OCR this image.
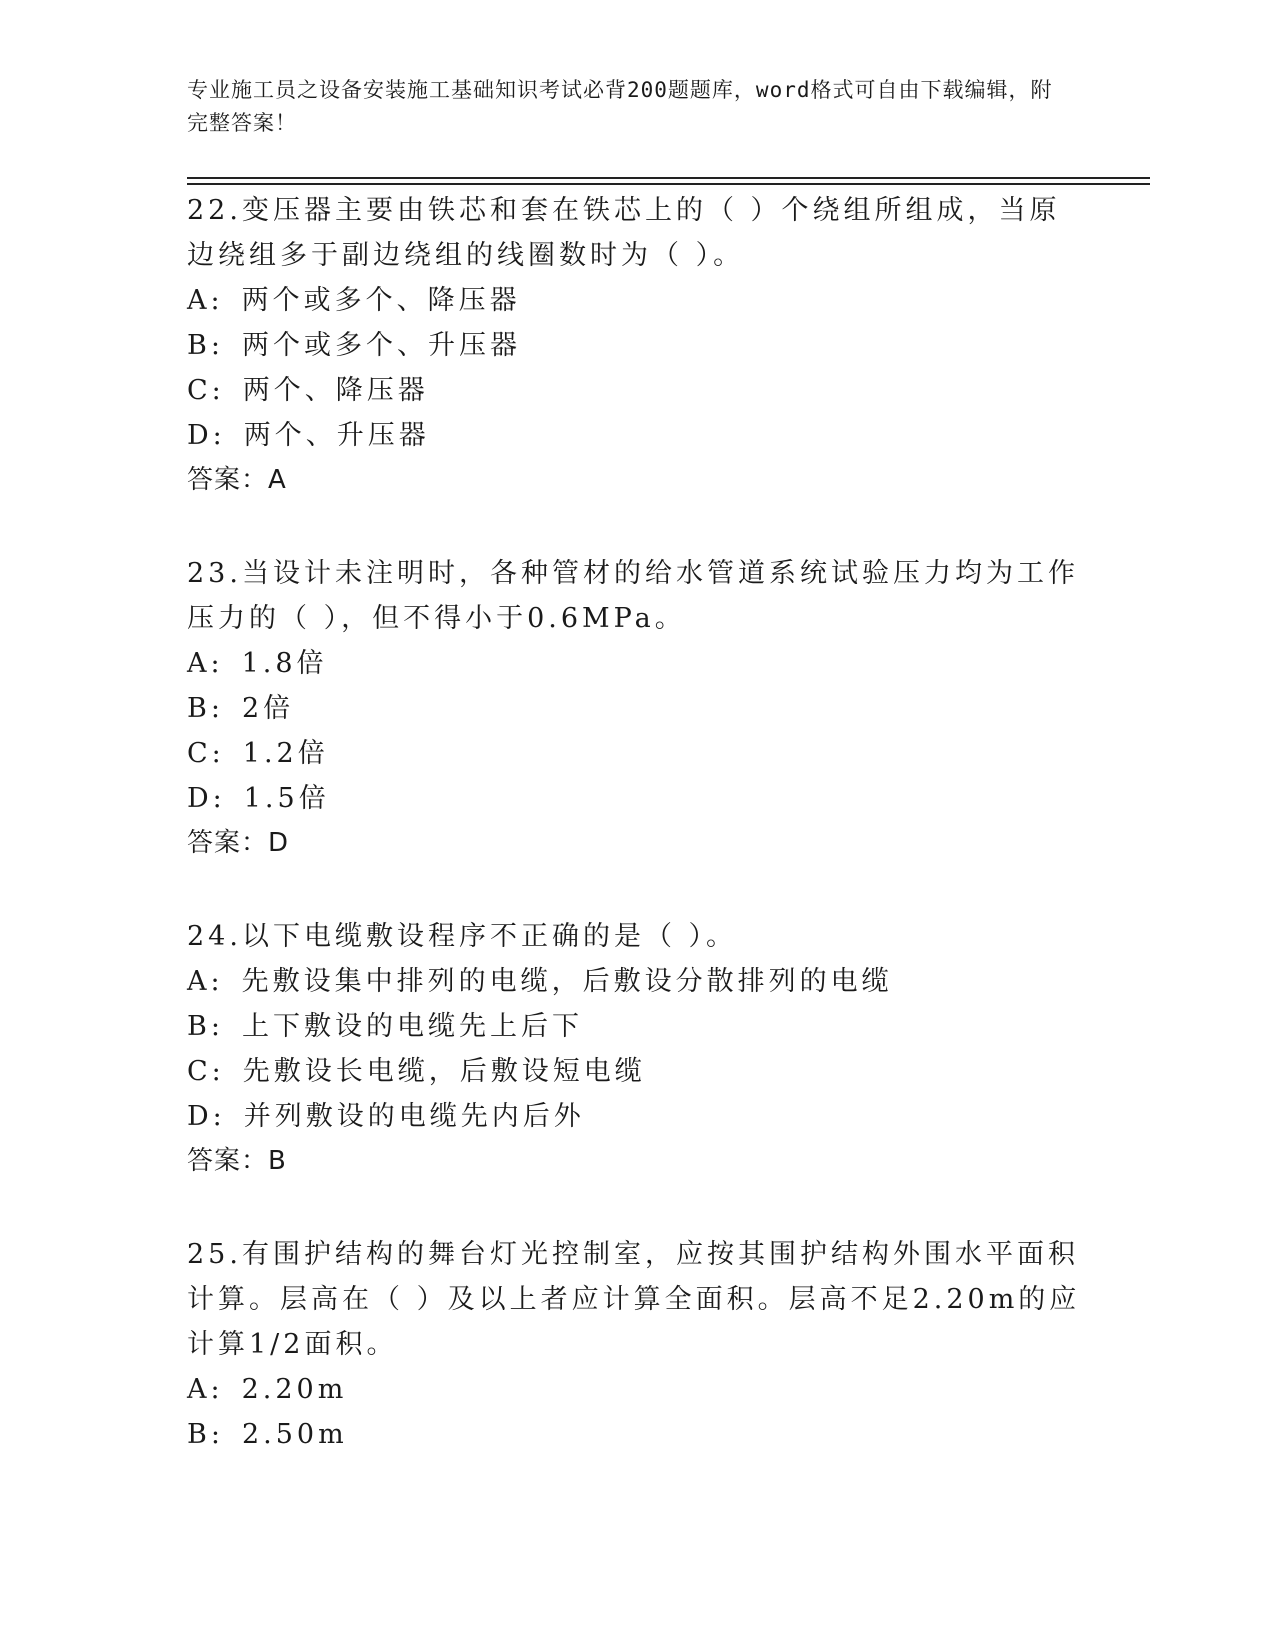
专业施工员之设备安装施工基础知识考试必背200题题库，word格式可自由下载编辑，附完整答案！
22.变压器主要由铁芯和套在铁芯上的（ ）个绕组所组成，当原边绕组多于副边绕组的线圈数时为（ ）。
A: 两个或多个、降压器
B: 两个或多个、升压器
C: 两个、降压器
D: 两个、升压器
答案：A
23.当设计未注明时，各种管材的给水管道系统试验压力均为工作压力的（ ），但不得小于0.6MPa。
A: 1.8倍
B: 2倍
C: 1.2倍
D: 1.5倍
答案：D
24.以下电缆敷设程序不正确的是（ ）。
A: 先敷设集中排列的电缆，后敷设分散排列的电缆
B: 上下敷设的电缆先上后下
C: 先敷设长电缆，后敷设短电缆
D: 并列敷设的电缆先内后外
答案：B
25.有围护结构的舞台灯光控制室，应按其围护结构外围水平面积计算。层高在（ ）及以上者应计算全面积。层高不足2.20m的应计算1/2面积。
A: 2.20m
B: 2.50m
